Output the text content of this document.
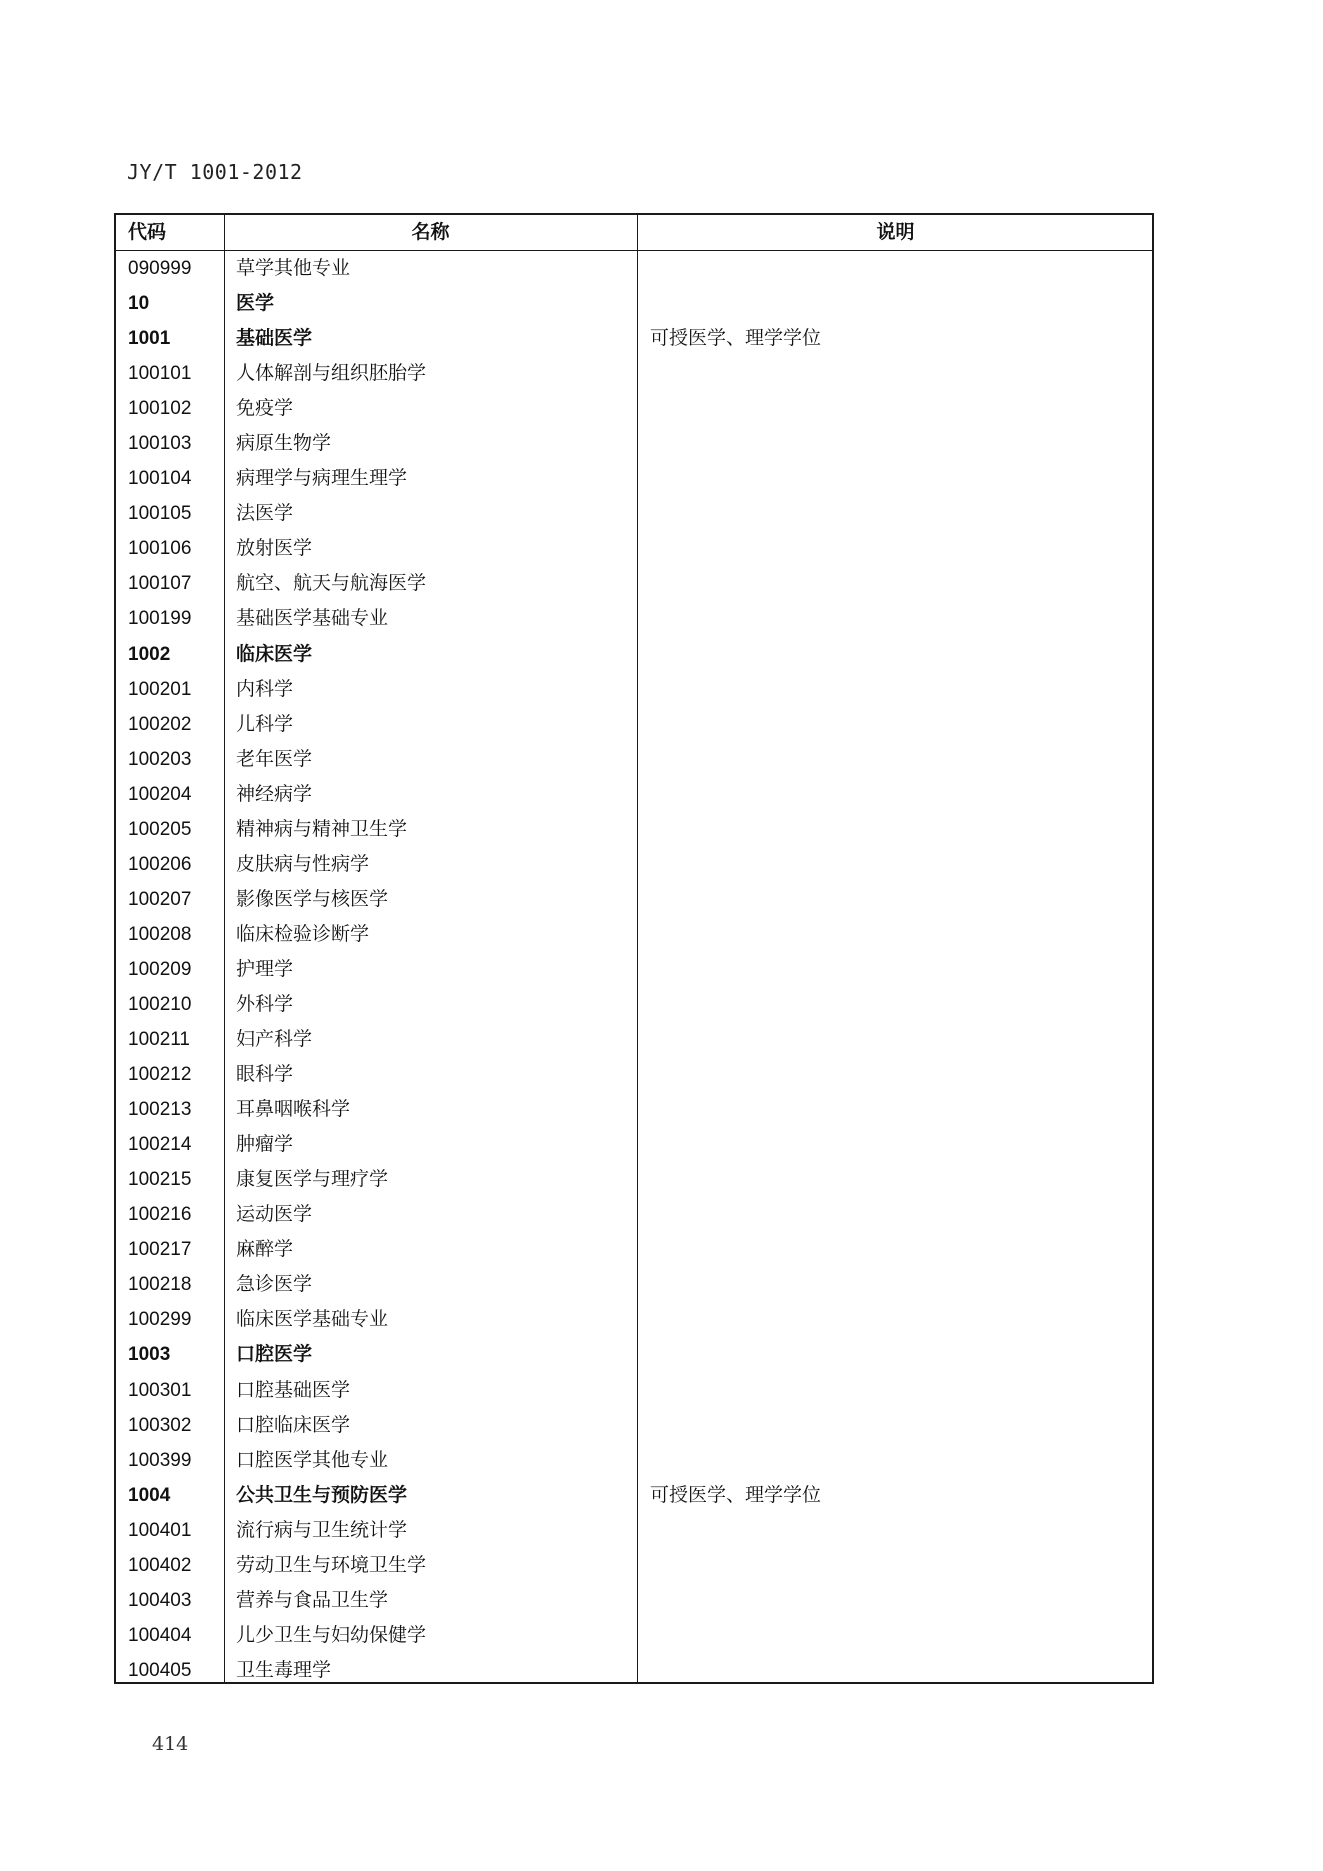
JY/T 1001-2012
代码	名称	说明
090999 草学其他专业
10	医学
1001	基础医学	可授医学、理学学位
100101 人体解剖与组织胚胎学
100102 免疫学
100103 病原生物学
100104 病理学与病理生理学
100105 法医学
100106 放射医学
100107 航空、航天与航海医学
100199 基础医学基础专业
1002	临床医学
100201 内科学
100202 儿科学
100203 老年医学
100204 神经病学
100205 精神病与精神卫生学
100206 皮肤病与性病学
100207 影像医学与核医学
100208 临床检验诊断学
100209 护理学
100210 外科学
100211 妇产科学
100212 眼科学
100213 耳鼻咽喉科学
100214 肿瘤学
100215 康复医学与理疗学
100216 运动医学
100217 麻醉学
100218 急诊医学
100299 临床医学基础专业
1003	口腔医学
100301 口腔基础医学
100302 口腔临床医学
100399 口腔医学其他专业
1004	公共卫生与预防医学	可授医学、理学学位
100401 流行病与卫生统计学
100402 劳动卫生与环境卫生学
100403 营养与食品卫生学
100404 儿少卫生与妇幼保健学
100405 卫生毒理学
414
